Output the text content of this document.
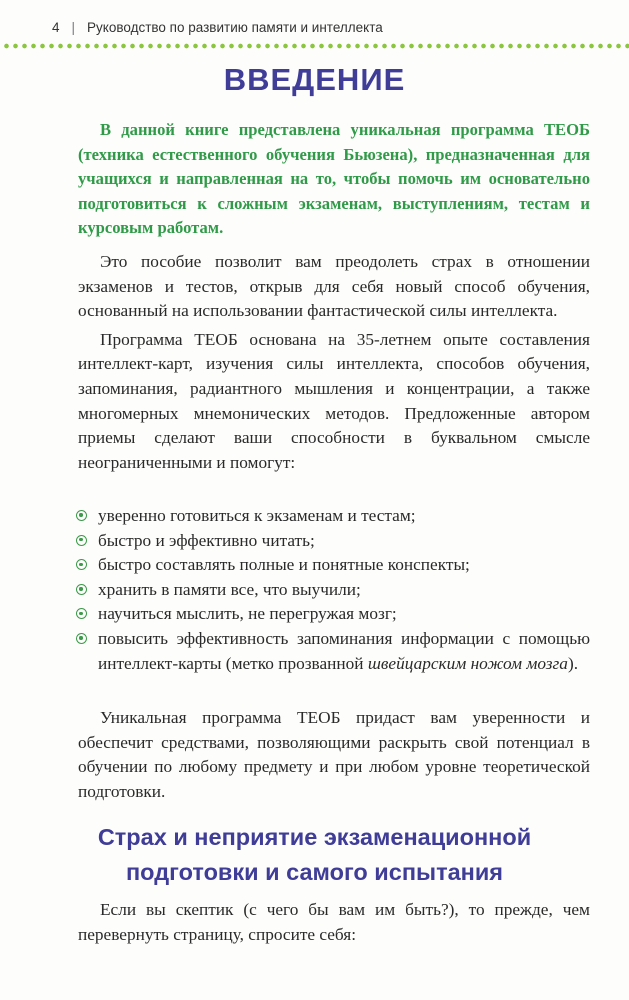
4 | Руководство по развитию памяти и интеллекта
ВВЕДЕНИЕ

В данной книге представлена уникальная программа ТЕОБ (техника естественного обучения Бьюзена), предназначенная для учащихся и направленная на то, чтобы помочь им основательно подготовиться к сложным экзаменам, выступлениям, тестам и курсовым работам.

Это пособие позволит вам преодолеть страх в отношении экзаменов и тестов, открыв для себя новый способ обучения, основанный на использовании фантастической силы интеллекта.

Программа ТЕОБ основана на 35-летнем опыте составления интеллект-карт, изучения силы интеллекта, способов обучения, запоминания, радиантного мышления и концентрации, а также многомерных мнемонических методов. Предложенные автором приемы сделают ваши способности в буквальном смысле неограниченными и помогут:

уверенно готовиться к экзаменам и тестам;
быстро и эффективно читать;
быстро составлять полные и понятные конспекты;
хранить в памяти все, что выучили;
научиться мыслить, не перегружая мозг;
повысить эффективность запоминания информации с помощью интеллект-карты (метко прозванной швейцарским ножом мозга).

Уникальная программа ТЕОБ придаст вам уверенности и обеспечит средствами, позволяющими раскрыть свой потенциал в обучении по любому предмету и при любом уровне теоретической подготовки.

Страх и неприятие экзаменационной
подготовки и самого испытания

Если вы скептик (с чего бы вам им быть?), то прежде, чем перевернуть страницу, спросите себя:
